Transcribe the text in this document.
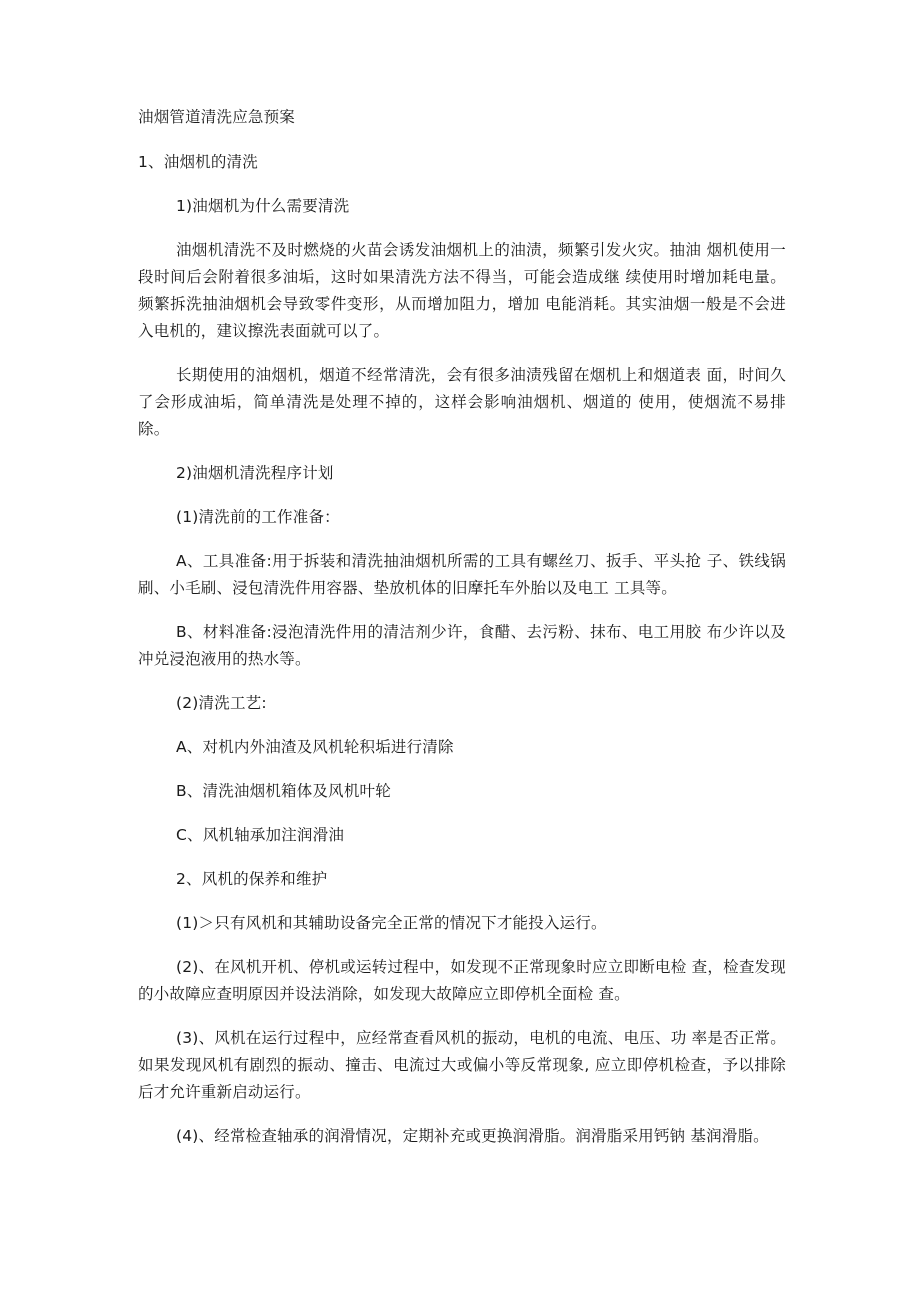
油烟管道清洗应急预案

1、油烟机的清洗

1)油烟机为什么需要清洗

油烟机清洗不及时燃烧的火苗会诱发油烟机上的油渍，频繁引发火灾。抽油 烟机使用一段时间后会附着很多油垢，这时如果清洗方法不得当，可能会造成继 续使用时增加耗电量。频繁拆洗抽油烟机会导致零件变形，从而增加阻力，增加 电能消耗。其实油烟一般是不会进入电机的，建议擦洗表面就可以了。

长期使用的油烟机，烟道不经常清洗，会有很多油渍残留在烟机上和烟道表 面，时间久了会形成油垢，简单清洗是处理不掉的，这样会影响油烟机、烟道的 使用，使烟流不易排除。

2)油烟机清洗程序计划

(1)清洗前的工作准备：

A、工具准备:用于拆装和清洗抽油烟机所需的工具有螺丝刀、扳手、平头抢 子、铁线锅刷、小毛刷、浸包清洗件用容器、垫放机体的旧摩托车外胎以及电工 工具等。

B、材料准备:浸泡清洗件用的清洁剂少许，食醋、去污粉、抹布、电工用胶 布少许以及冲兑浸泡液用的热水等。

(2)清洗工艺:

A、对机内外油渣及风机轮积垢进行清除

B、清洗油烟机箱体及风机叶轮

C、风机轴承加注润滑油

2、风机的保养和维护

(1)＞只有风机和其辅助设备完全正常的情况下才能投入运行。

(2)、在风机开机、停机或运转过程中，如发现不正常现象时应立即断电检 查，检查发现的小故障应查明原因并设法消除，如发现大故障应立即停机全面检 查。

(3)、风机在运行过程中，应经常查看风机的振动，电机的电流、电压、功 率是否正常。如果发现风机有剧烈的振动、撞击、电流过大或偏小等反常现象, 应立即停机检查，予以排除后才允许重新启动运行。

(4)、经常检查轴承的润滑情况，定期补充或更换润滑脂。润滑脂采用钙钠 基润滑脂。
